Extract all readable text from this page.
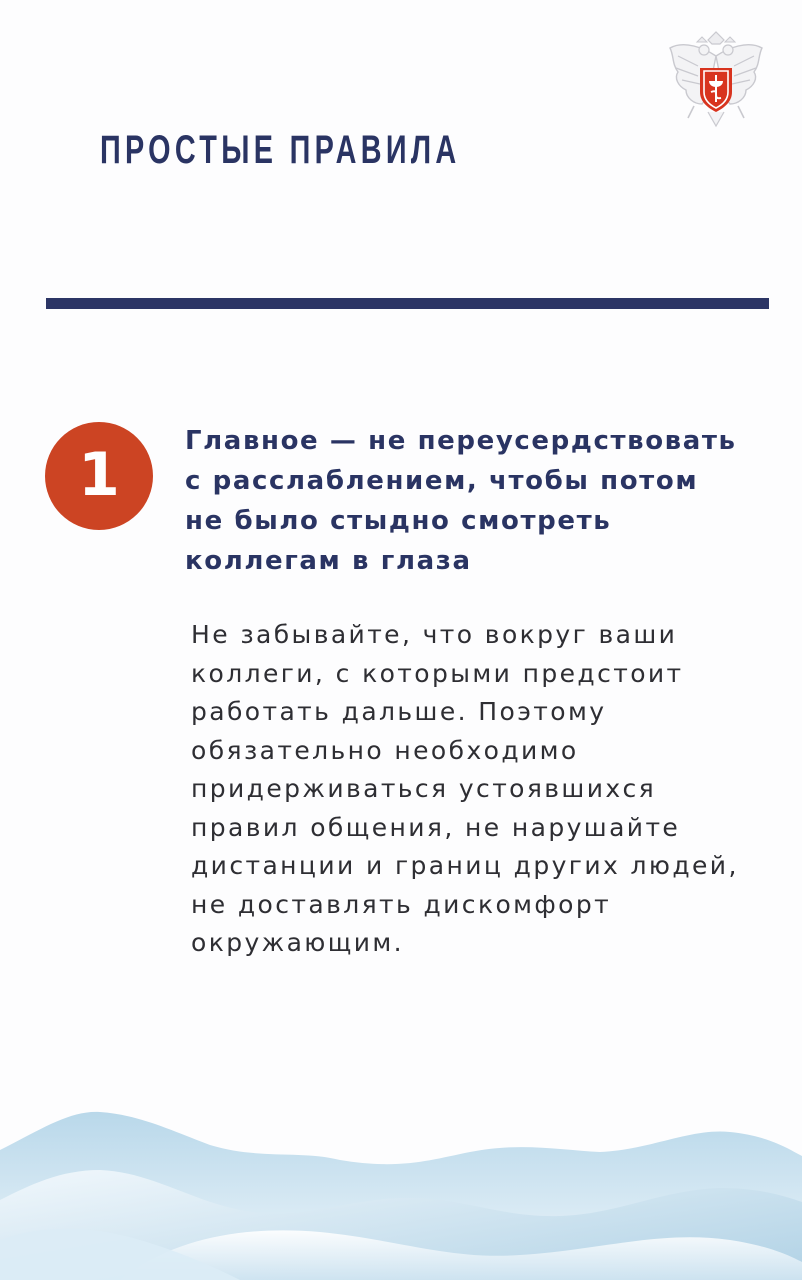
ПРОСТЫЕ ПРАВИЛА
1	Главное — не переусердствовать
с расслаблением, чтобы потом
не было стыдно смотреть
коллегам в глаза

Не забывайте, что вокруг ваши
коллеги, с которыми предстоит
работать дальше. Поэтому
обязательно необходимо
придерживаться устоявшихся
правил общения, не нарушайте
дистанции и границ других людей,
не доставлять дискомфорт
окружающим.
